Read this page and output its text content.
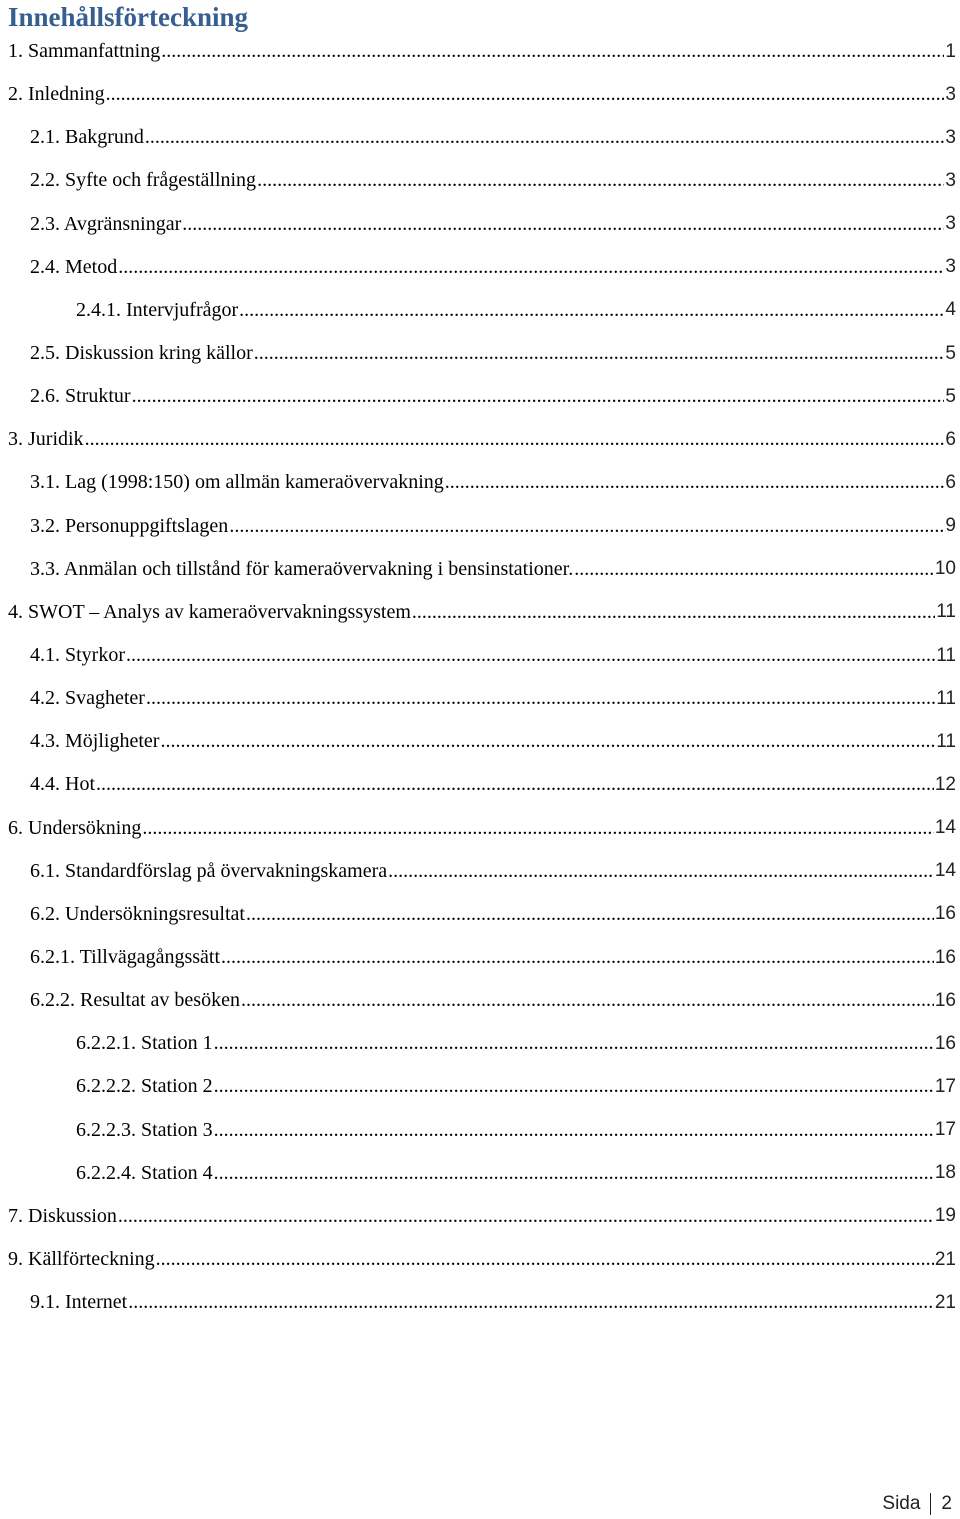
Innehållsförteckning
1. Sammanfattning .....	1
2. Inledning .....	3
2.1. Bakgrund .....	3
2.2. Syfte och frågeställning .....	3
2.3. Avgränsningar .....	3
2.4. Metod .....	3
2.4.1. Intervjufrågor .....	4
2.5. Diskussion kring källor .....	5
2.6. Struktur .....	5
3. Juridik .....	6
3.1. Lag (1998:150) om allmän kameraövervakning .....	6
3.2. Personuppgiftslagen .....	9
3.3. Anmälan och tillstånd för kameraövervakning i bensinstationer. .....	10
4. SWOT – Analys av kameraövervakningssystem .....	11
4.1. Styrkor .....	11
4.2. Svagheter .....	11
4.3. Möjligheter .....	11
4.4. Hot .....	12
6. Undersökning .....	14
6.1. Standardförslag på övervakningskamera .....	14
6.2. Undersökningsresultat .....	16
6.2.1. Tillvägagångssätt .....	16
6.2.2. Resultat av besöken .....	16
6.2.2.1. Station 1 .....	16
6.2.2.2. Station 2 .....	17
6.2.2.3. Station 3 .....	17
6.2.2.4. Station 4 .....	18
7. Diskussion .....	19
9. Källförteckning .....	21
9.1. Internet .....	21
Sida 2
